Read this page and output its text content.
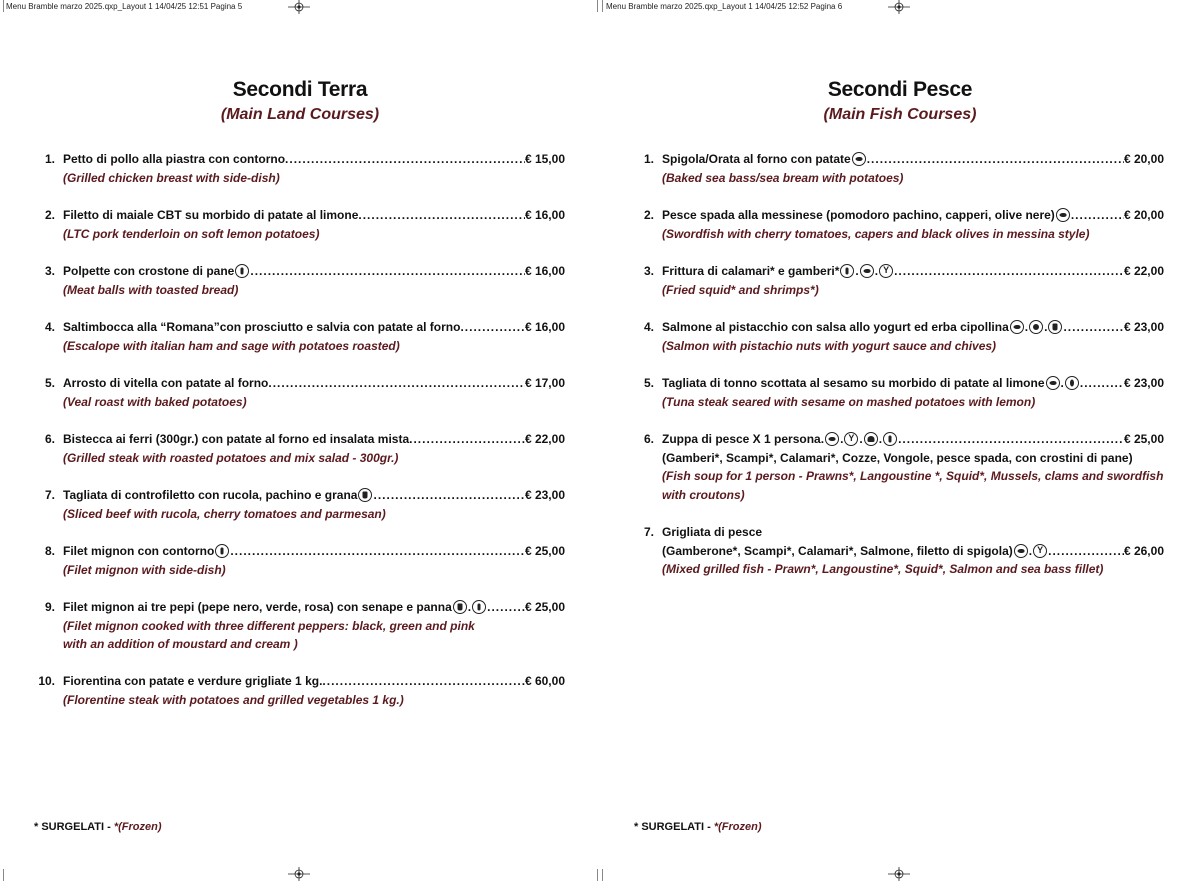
Menu Bramble marzo 2025.qxp_Layout 1 14/04/25 12:51 Pagina 5	Menu Bramble marzo 2025.qxp_Layout 1 14/04/25 12:52 Pagina 6
Secondi Terra
(Main Land Courses)
1. Petto di pollo alla piastra con contorno .....	€ 15,00
(Grilled chicken breast with side-dish)
2. Filetto di maiale CBT su morbido di patate al limone .....	€ 16,00
(LTC pork tenderloin on soft lemon potatoes)
3. Polpette con crostone di pane .....	€ 16,00
(Meat balls with toasted bread)
4. Saltimbocca alla “Romana”con prosciutto e salvia con patate al forno .....	€ 16,00
(Escalope with italian ham and sage with potatoes roasted)
5. Arrosto di vitella con patate al forno .....	€ 17,00
(Veal roast with baked potatoes)
6. Bistecca ai ferri (300gr.) con patate al forno ed insalata mista .....	€ 22,00
(Grilled steak with roasted potatoes and mix salad - 300gr.)
7. Tagliata di controfiletto con rucola, pachino e grana .....	€ 23,00
(Sliced beef with rucola, cherry tomatoes and parmesan)
8. Filet mignon con contorno .....	€ 25,00
(Filet mignon with side-dish)
9. Filet mignon ai tre pepi (pepe nero, verde, rosa) con senape e panna . .....	€ 25,00
(Filet mignon cooked with three different peppers: black, green and pink
with an addition of moustard and cream )
10. Fiorentina con patate e verdure grigliate 1 kg. .....	€ 60,00
(Florentine steak with potatoes and grilled vegetables 1 kg.)
* SURGELATI - *(Frozen)
Secondi Pesce
(Main Fish Courses)
1. Spigola/Orata al forno con patate .....	€ 20,00
(Baked sea bass/sea bream with potatoes)
2. Pesce spada alla messinese (pomodoro pachino, capperi, olive nere) .....	€ 20,00
(Swordfish with cherry tomatoes, capers and black olives in messina style)
3. Frittura di calamari* e gamberi* . . Y .....	€ 22,00
(Fried squid* and shrimps*)
4. Salmone al pistacchio con salsa allo yogurt ed erba cipollina . . .....	€ 23,00
(Salmon with pistachio nuts with yogurt sauce and chives)
5. Tagliata di tonno scottata al sesamo su morbido di patate al limone . .....	€ 23,00
(Tuna steak seared with sesame on mashed potatoes with lemon)
6. Zuppa di pesce X 1 persona . . Y . . .....	€ 25,00
(Gamberi*, Scampi*, Calamari*, Cozze, Vongole, pesce spada, con crostini di pane)
(Fish soup for 1 person - Prawns*, Langoustine *, Squid*, Mussels, clams and swordfish
with croutons)
7. Grigliata di pesce
(Gamberone*, Scampi*, Calamari*, Salmone, filetto di spigola) . Y .....	€ 26,00
(Mixed grilled fish - Prawn*, Langoustine*, Squid*, Salmon and sea bass fillet)
* SURGELATI - *(Frozen)
